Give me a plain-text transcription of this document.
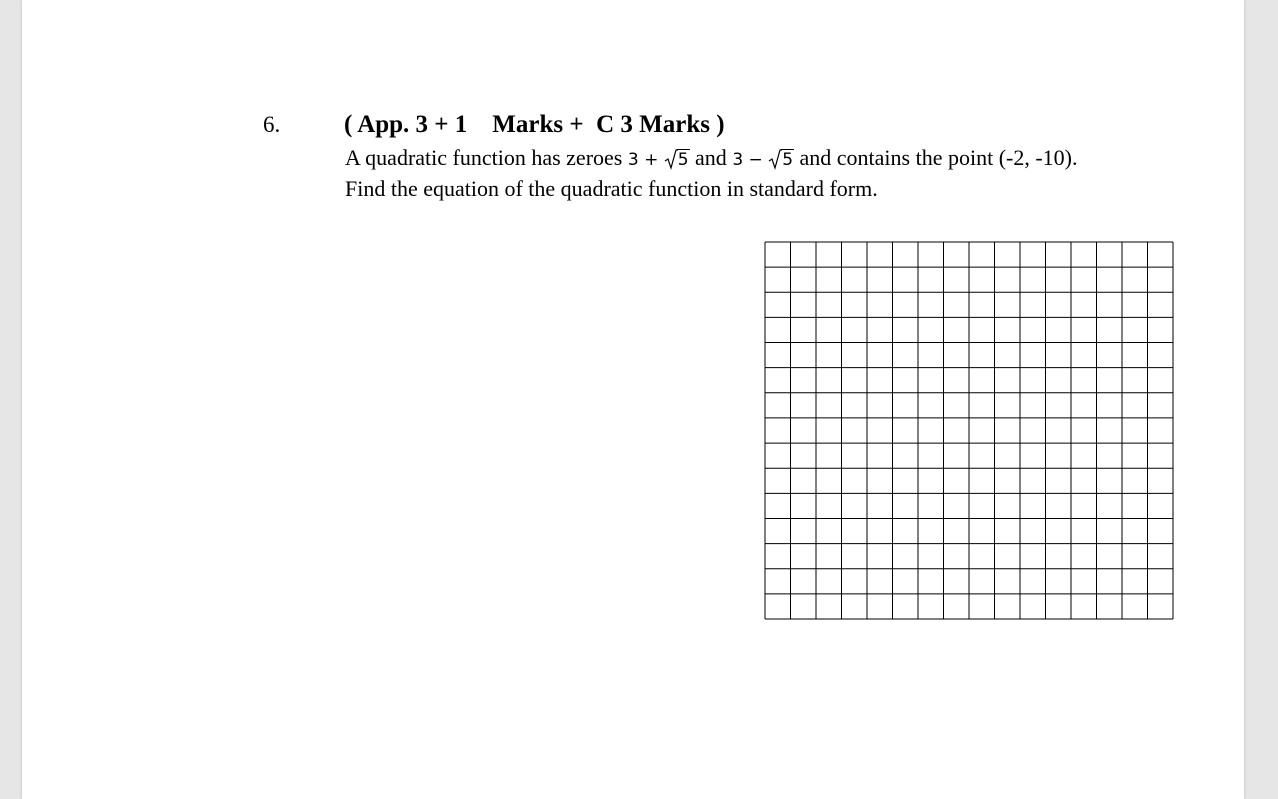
6.	( App. 3 + 1    Marks +  C 3 Marks )
A quadratic function has zeroes 3 +
5 and 3 −
5 and contains the point (-2, -10).
Find the equation of the quadratic function in standard form.
